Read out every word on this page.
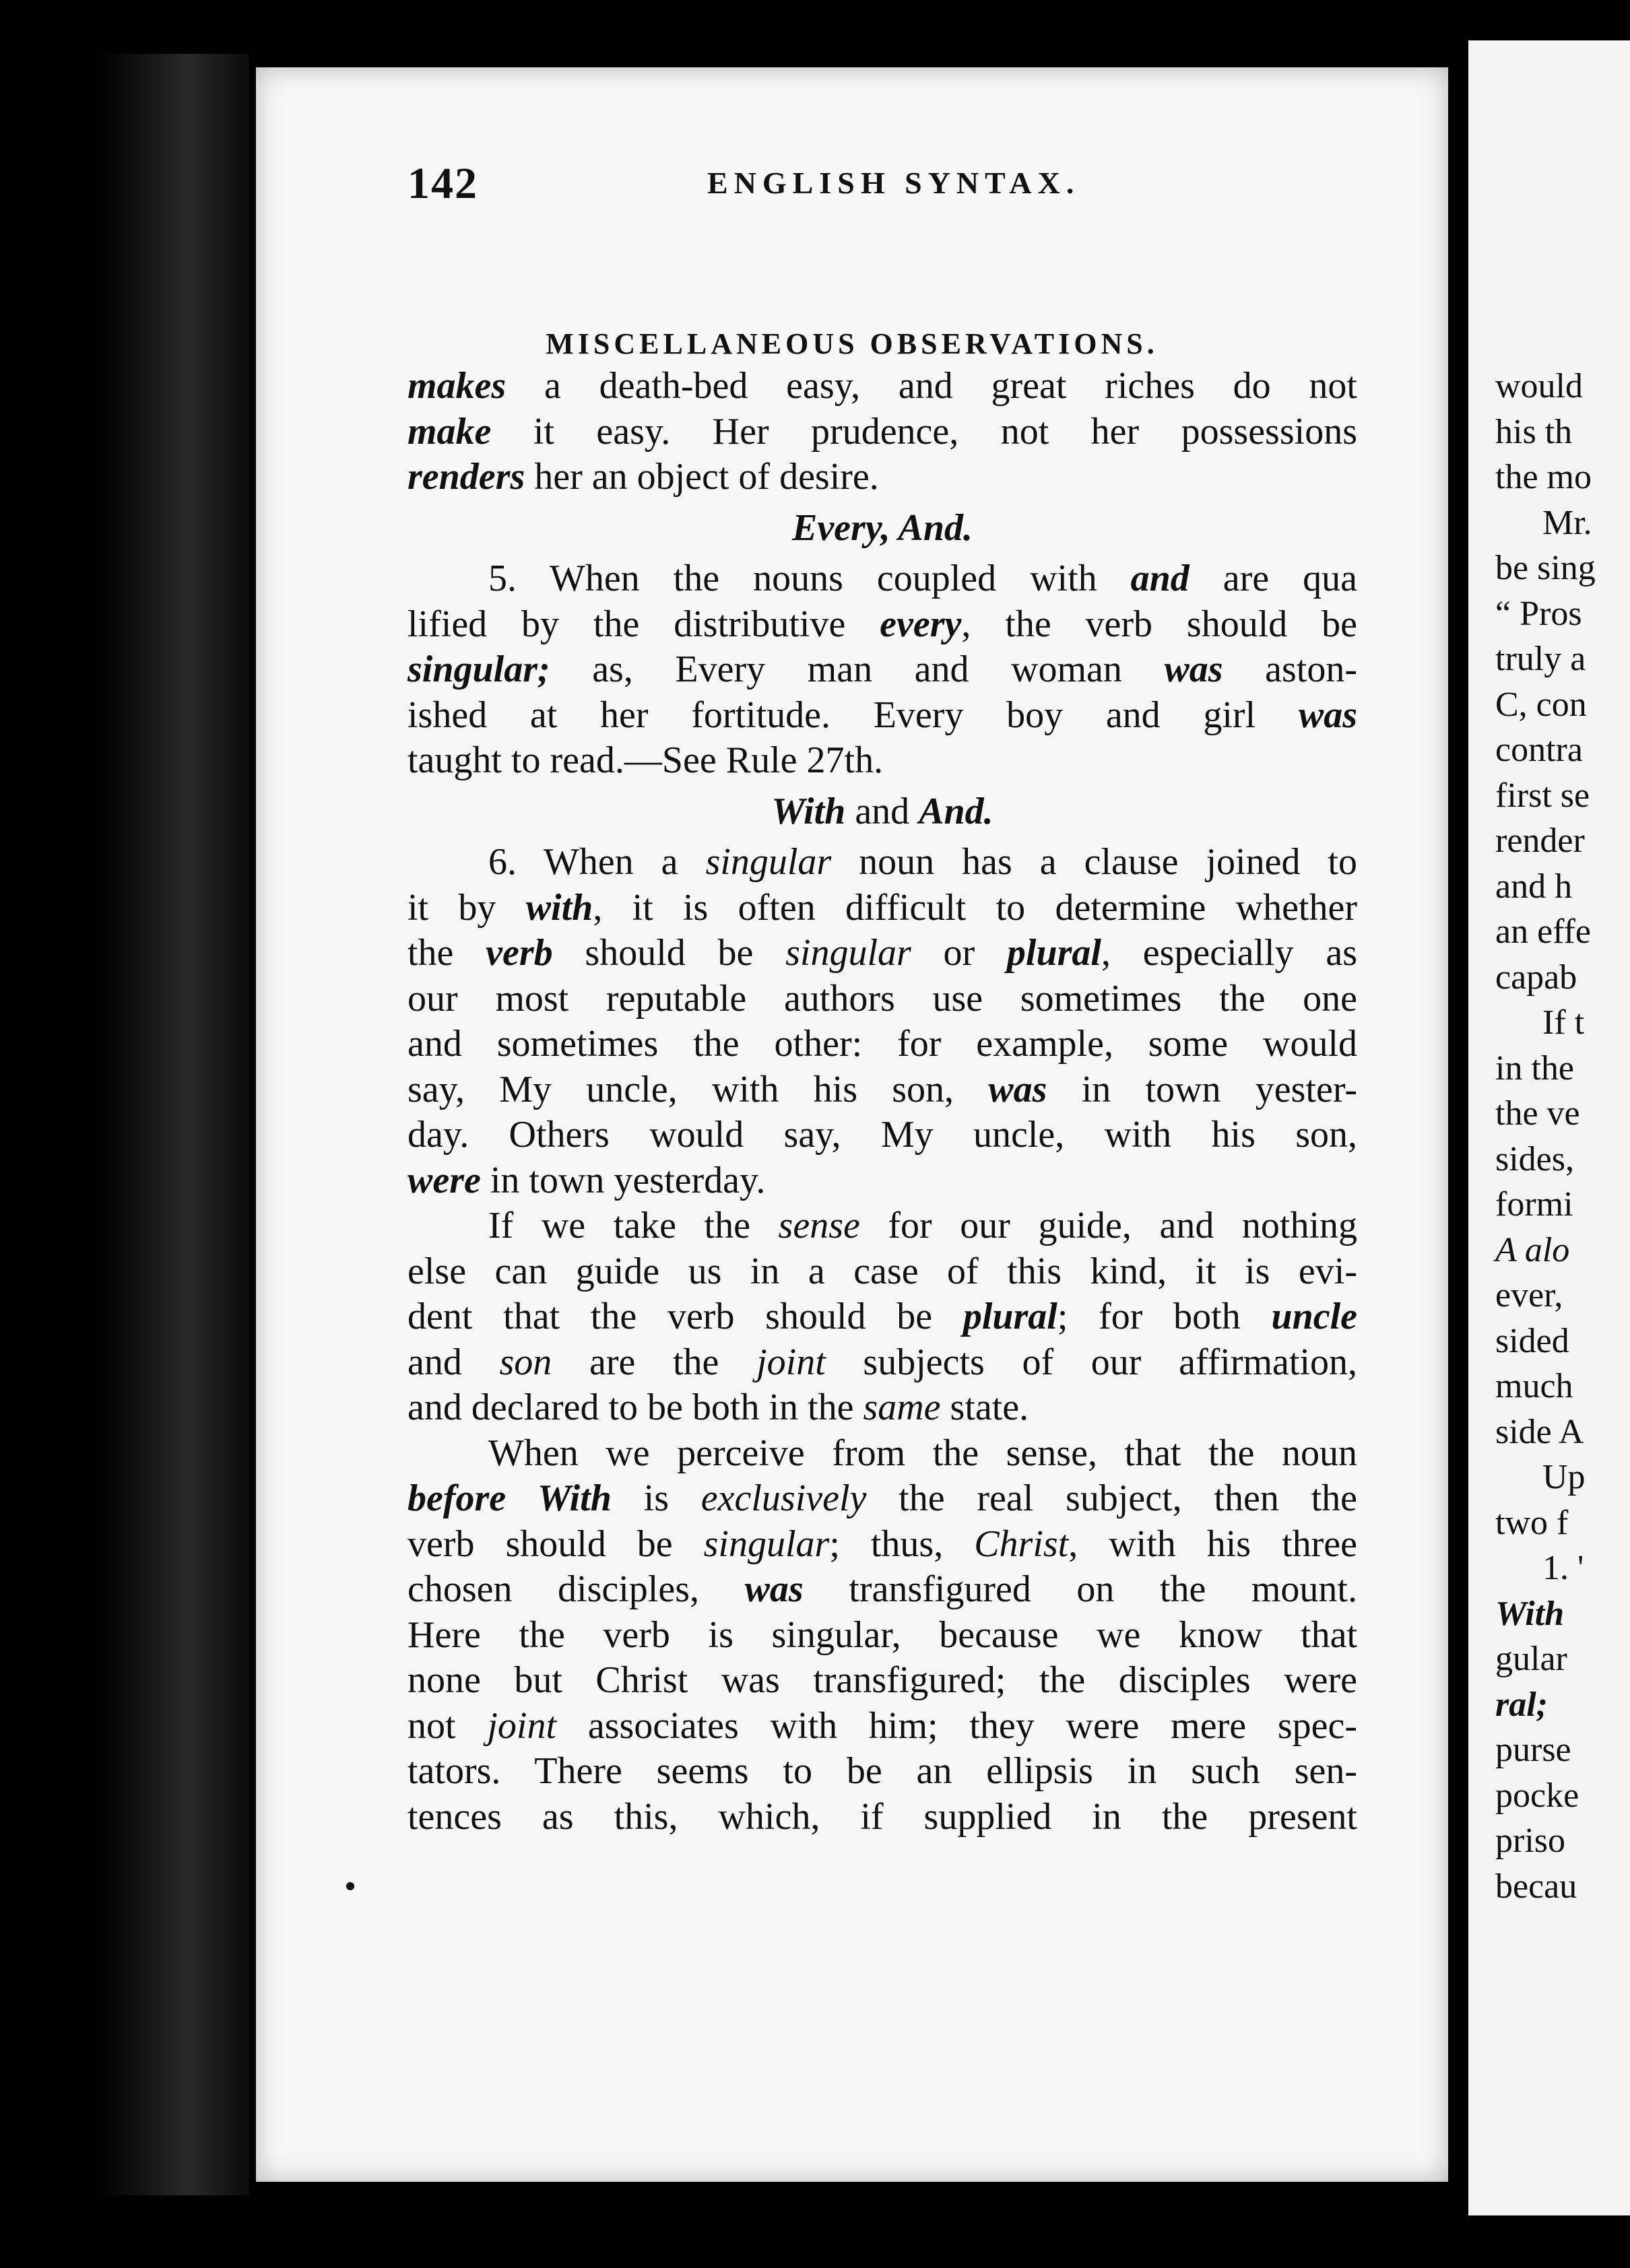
142	ENGLISH SYNTAX.
MISCELLANEOUS OBSERVATIONS.

makes a death-bed easy, and great riches do not
make it easy. Her prudence, not her possessions
renders her an object of desire.

Every, And.

5. When the nouns coupled with and are qua
lified by the distributive every, the verb should be
singular; as, Every man and woman was aston-
ished at her fortitude. Every boy and girl was
taught to read.—See Rule 27th.

With and And.

6. When a singular noun has a clause joined to
it by with, it is often difficult to determine whether
the verb should be singular or plural, especially as
our most reputable authors use sometimes the one
and sometimes the other: for example, some would
say, My uncle, with his son, was in town yester-
day. Others would say, My uncle, with his son,
were in town yesterday.

If we take the sense for our guide, and nothing
else can guide us in a case of this kind, it is evi-
dent that the verb should be plural; for both uncle
and son are the joint subjects of our affirmation,
and declared to be both in the same state.

When we perceive from the sense, that the noun
before With is exclusively the real subject, then the
verb should be singular; thus, Christ, with his three
chosen disciples, was transfigured on the mount.
Here the verb is singular, because we know that
none but Christ was transfigured; the disciples were
not joint associates with him; they were mere spec-
tators. There seems to be an ellipsis in such sen-
tences as this, which, if supplied in the present

would
his th
the mo
Mr.
be sing
“ Pros
truly a
C, con
contra
first se
render
and h
an effe
capab
If t
in the
the ve
sides,
formi
A alo
ever,
sided
much
side A
Up
two f
1. '
With
gular
ral;
purse
pocke
priso
becau
